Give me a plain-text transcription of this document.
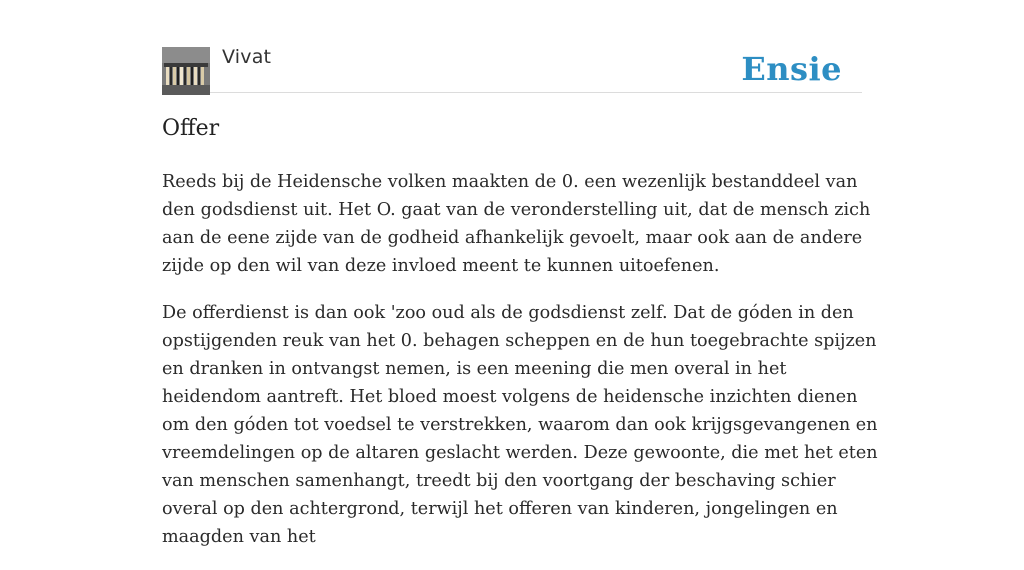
Vivat	Ensie
Offer

Reeds bij de Heidensche volken maakten de 0. een wezenlijk bestanddeel van den godsdienst uit. Het O. gaat van de veronderstelling uit, dat de mensch zich aan de eene zijde van de godheid afhankelijk gevoelt, maar ook aan de andere zijde op den wil van deze invloed meent te kunnen uitoefenen.

De offerdienst is dan ook 'zoo oud als de godsdienst zelf. Dat de góden in den opstijgenden reuk van het 0. behagen scheppen en de hun toegebrachte spijzen en dranken in ontvangst nemen, is een meening die men overal in het heidendom aantreft. Het bloed moest volgens de heidensche inzichten dienen om den góden tot voedsel te verstrekken, waarom dan ook krijgsgevangenen en vreemdelingen op de altaren geslacht werden. Deze gewoonte, die met het eten van menschen samenhangt, treedt bij den voortgang der beschaving schier overal op den achtergrond, terwijl het offeren van kinderen, jongelingen en maagden van het
